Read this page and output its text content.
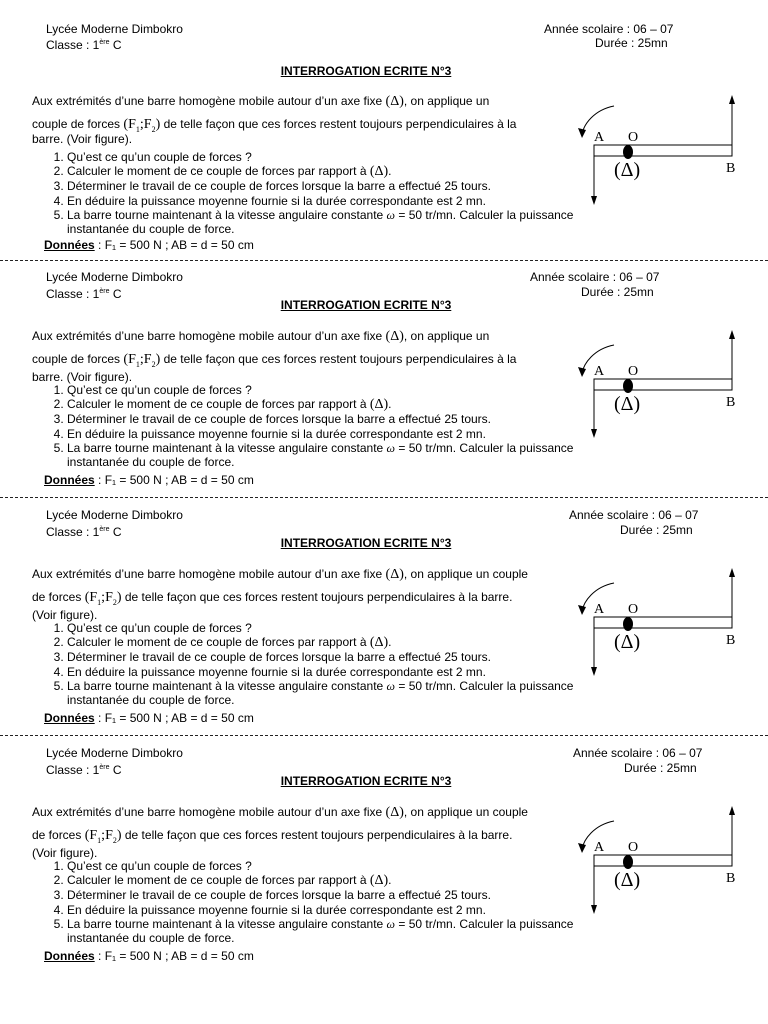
Lycée Moderne Dimbokro
Classe : 1ère C
Année scolaire : 06 – 07
Durée : 25mn
INTERROGATION ECRITE N°3
Aux extrémités d’une barre homogène mobile autour d’un axe fixe (Δ), on applique un
couple de forces $(F_1;F_2)$ de telle façon que ces forces restent toujours perpendiculaires à la
barre. (Voir figure).
1. Qu’est ce qu’un couple de forces ?
2. Calculer le moment de ce couple de forces par rapport à (Δ).
3. Déterminer le travail de ce couple de forces lorsque la barre a effectué 25 tours.
4. En déduire la puissance moyenne fournie si la durée correspondante est 2 mn.
5. La barre tourne maintenant à la vitesse angulaire constante ω = 50 tr/mn. Calculer la puissance instantanée du couple de force.
Données : F₁ = 500 N ; AB = d = 50 cm
A O
B
(Δ)
Lycée Moderne Dimbokro
Classe : 1ère C
Année scolaire : 06 – 07
Durée : 25mn
INTERROGATION ECRITE N°3
Aux extrémités d’une barre homogène mobile autour d’un axe fixe (Δ), on applique un
couple de forces $(F_1;F_2)$ de telle façon que ces forces restent toujours perpendiculaires à la
barre. (Voir figure).
1. Qu’est ce qu’un couple de forces ?
2. Calculer le moment de ce couple de forces par rapport à (Δ).
3. Déterminer le travail de ce couple de forces lorsque la barre a effectué 25 tours.
4. En déduire la puissance moyenne fournie si la durée correspondante est 2 mn.
5. La barre tourne maintenant à la vitesse angulaire constante ω = 50 tr/mn. Calculer la puissance instantanée du couple de force.
Données : F₁ = 500 N ; AB = d = 50 cm
A O
B
(Δ)
Lycée Moderne Dimbokro
Classe : 1ère C
Année scolaire : 06 – 07
Durée : 25mn
INTERROGATION ECRITE N°3
Aux extrémités d’une barre homogène mobile autour d’un axe fixe (Δ), on applique un couple
de forces $(F_1;F_2)$ de telle façon que ces forces restent toujours perpendiculaires à la barre.
(Voir figure).
1. Qu’est ce qu’un couple de forces ?
2. Calculer le moment de ce couple de forces par rapport à (Δ).
3. Déterminer le travail de ce couple de forces lorsque la barre a effectué 25 tours.
4. En déduire la puissance moyenne fournie si la durée correspondante est 2 mn.
5. La barre tourne maintenant à la vitesse angulaire constante ω = 50 tr/mn. Calculer la puissance instantanée du couple de force.
Données : F₁ = 500 N ; AB = d = 50 cm
A O
B
(Δ)
Lycée Moderne Dimbokro
Classe : 1ère C
Année scolaire : 06 – 07
Durée : 25mn
INTERROGATION ECRITE N°3
Aux extrémités d’une barre homogène mobile autour d’un axe fixe (Δ), on applique un couple
de forces $(F_1;F_2)$ de telle façon que ces forces restent toujours perpendiculaires à la barre.
(Voir figure).
1. Qu’est ce qu’un couple de forces ?
2. Calculer le moment de ce couple de forces par rapport à (Δ).
3. Déterminer le travail de ce couple de forces lorsque la barre a effectué 25 tours.
4. En déduire la puissance moyenne fournie si la durée correspondante est 2 mn.
5. La barre tourne maintenant à la vitesse angulaire constante ω = 50 tr/mn. Calculer la puissance instantanée du couple de force.
Données : F₁ = 500 N ; AB = d = 50 cm
A O
B
(Δ)
